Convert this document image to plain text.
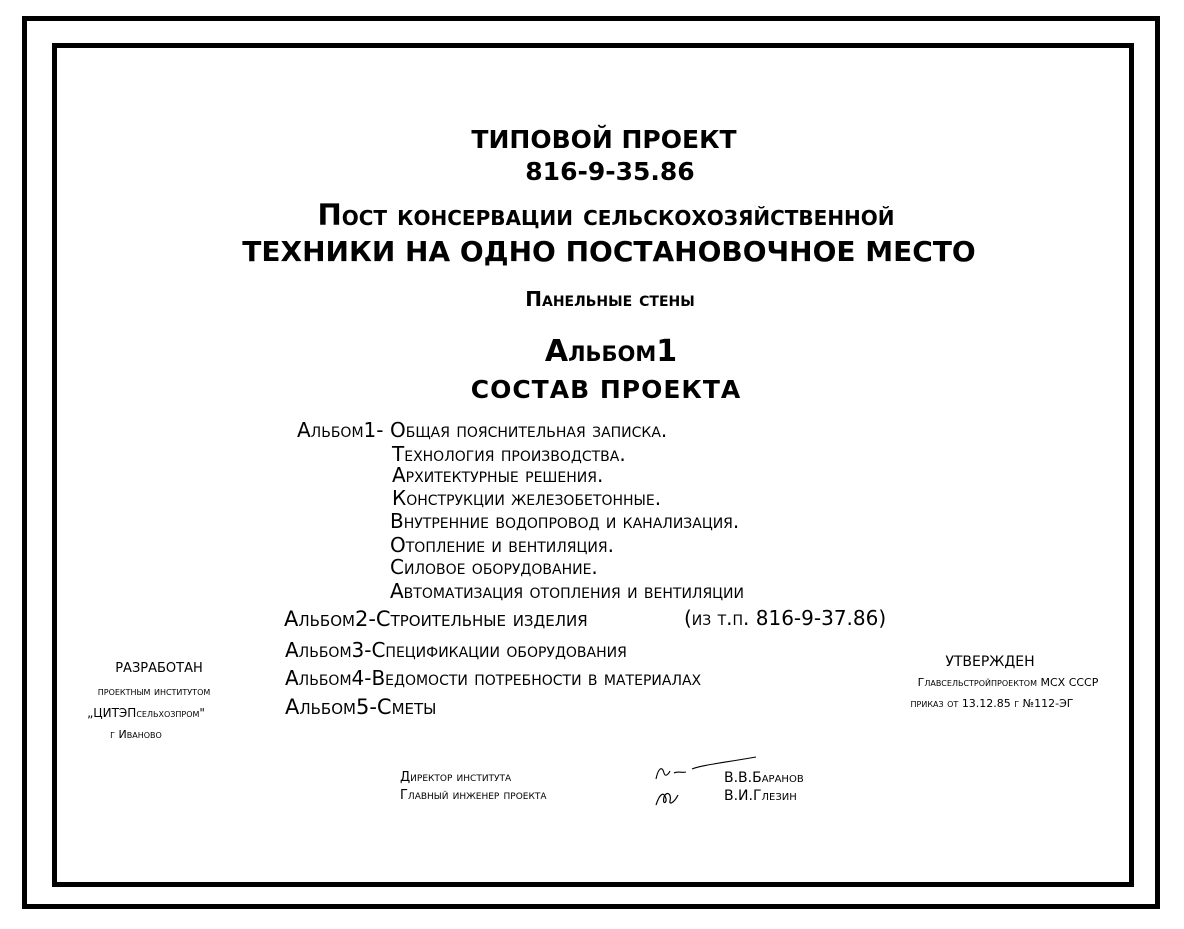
ТИПОВОЙ ПРОЕКТ
816-9-35.86
Пост консервации сельскохозяйственной
ТЕХНИКИ НА ОДНО ПОСТАНОВОЧНОЕ МЕСТО
Панельные стены
Альбом1
СОСТАВ ПРОЕКТА
Альбом1- Общая пояснительная записка.
Технология производства.
Архитектурные решения.
Конструкции железобетонные.
Внутренние водопровод и канализация.
Отопление и вентиляция.
Силовое оборудование.
Автоматизация отопления и вентиляции
Альбом2-Строительные изделия	(из т.п. 816-9-37.86)
Альбом3-Спецификации оборудования
Альбом4-Ведомости потребности в материалах
Альбом5-Сметы
РАЗРАБОТАН
проектным институтом
„ЦИТЭПсельхозпром"
г Иваново
УТВЕРЖДЕН
Главсельстройпроектом МСХ СССР
приказ от 13.12.85 г №112-ЭГ
Директор института
Главный инженер проекта
В.В.Баранов
В.И.Глезин
